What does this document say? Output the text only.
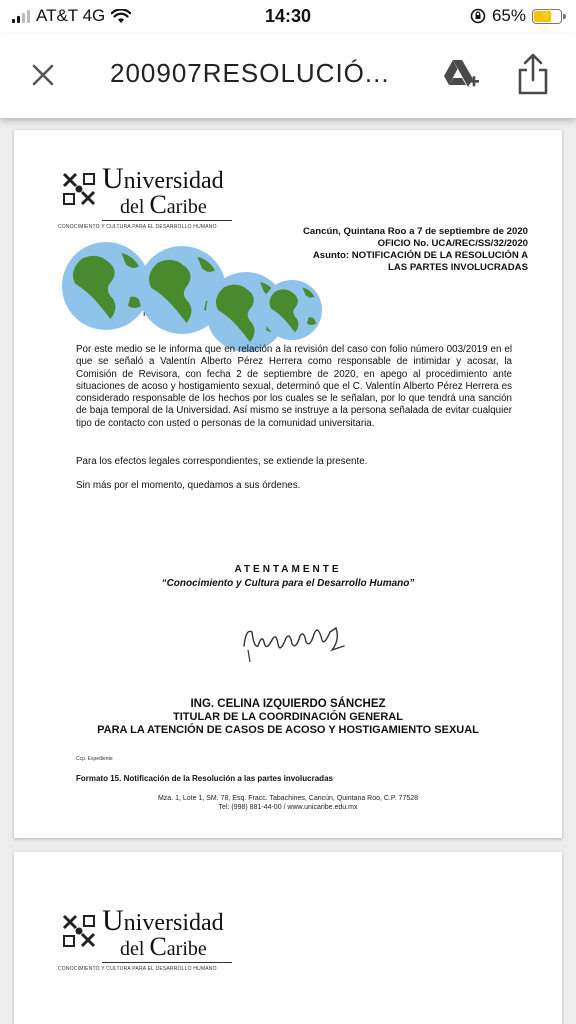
AT&T 4G	14:30	65%	⚡
200907RESOLUCIÓ...
Universidad
del Caribe
CONOCIMIENTO Y CULTURA PARA EL DESARROLLO HUMANO	Cancún, Quintana Roo a 7 de septiembre de 2020
OFICIO No. UCA/REC/SS/32/2020
Asunto: NOTIFICACIÓN DE LA RESOLUCIÓN A
LAS PARTES INVOLUCRADAS
Por este medio se le informa que en relación a la revisión del caso con folio número 003/2019 en el que se señaló a Valentín Alberto Pérez Herrera como responsable de intimidar y acosar, la Comisión de Revisora, con fecha 2 de septiembre de 2020, en apego al procedimiento ante situaciones de acoso y hostigamiento sexual, determinó que el C. Valentín Alberto Pérez Herrera es considerado responsable de los hechos por los cuales se le señalan, por lo que tendrá una sanción de baja temporal de la Universidad. Así mismo se instruye a la persona señalada de evitar cualquier tipo de contacto con usted o personas de la comunidad universitaria.
Para los efectos legales correspondientes, se extiende la presente.
Sin más por el momento, quedamos a sus órdenes.
ATENTAMENTE
“Conocimiento y Cultura para el Desarrollo Humano”
ING. CELINA IZQUIERDO SÁNCHEZ
TITULAR DE LA COORDINACIÓN GENERAL
PARA LA ATENCIÓN DE CASOS DE ACOSO Y HOSTIGAMIENTO SEXUAL
Ccp. Expediente
Formato 15. Notificación de la Resolución a las partes involucradas
Mza. 1, Lote 1, SM. 78, Esq. Fracc. Tabachines, Cancún, Quintana Roo, C.P. 77528
Tel: (998) 881-44-00 / www.unicaribe.edu.mx
Universidad
del Caribe
CONOCIMIENTO Y CULTURA PARA EL DESARROLLO HUMANO
